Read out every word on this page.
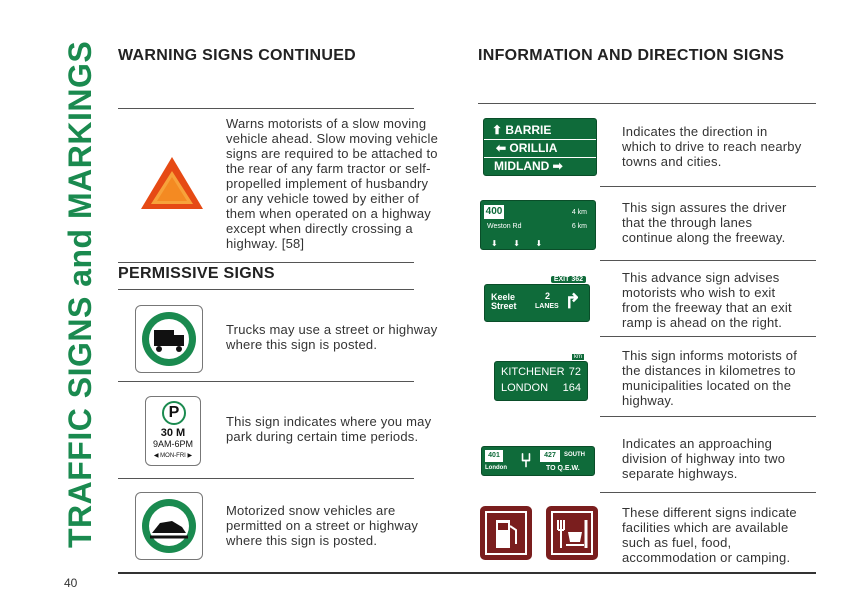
TRAFFIC SIGNS and MARKINGS
40
WARNING SIGNS CONTINUED
Warns motorists of a slow moving
vehicle ahead. Slow moving vehicle
signs are required to be attached to
the rear of any farm tractor or self-
propelled implement of husbandry
or any vehicle towed by either of
them when operated on a highway
except when directly crossing a
highway. [58]
PERMISSIVE SIGNS
Trucks may use a street or highway
where this sign is posted.
P
30 M
9AM-6PM
◀ MON-FRI ▶
This sign indicates where you may
park during certain time periods.
Motorized snow vehicles are
permitted on a street or highway
where this sign is posted.
INFORMATION AND DIRECTION SIGNS
⬆ BARRIE
⬅ ORILLIA
MIDLAND ➡
Indicates the direction in
which to drive to reach nearby
towns and cities.
400	4 km
Weston Rd	6 km
⬇       ⬇       ⬇
This sign assures the driver
that the through lanes
continue along the freeway.
EXIT 362
Keele
Street
2
LANES ↱
This advance sign advises
motorists who wish to exit
from the freeway that an exit
ramp is ahead on the right.
km
KITCHENER 72
LONDON 164
This sign informs motorists of
the distances in kilometres to
municipalities located on the
highway.
401
London ⑂	427	SOUTH
TO Q.E.W.
Indicates an approaching
division of highway into two
separate highways.
These different signs indicate
facilities which are available
such as fuel, food,
accommodation or camping.
